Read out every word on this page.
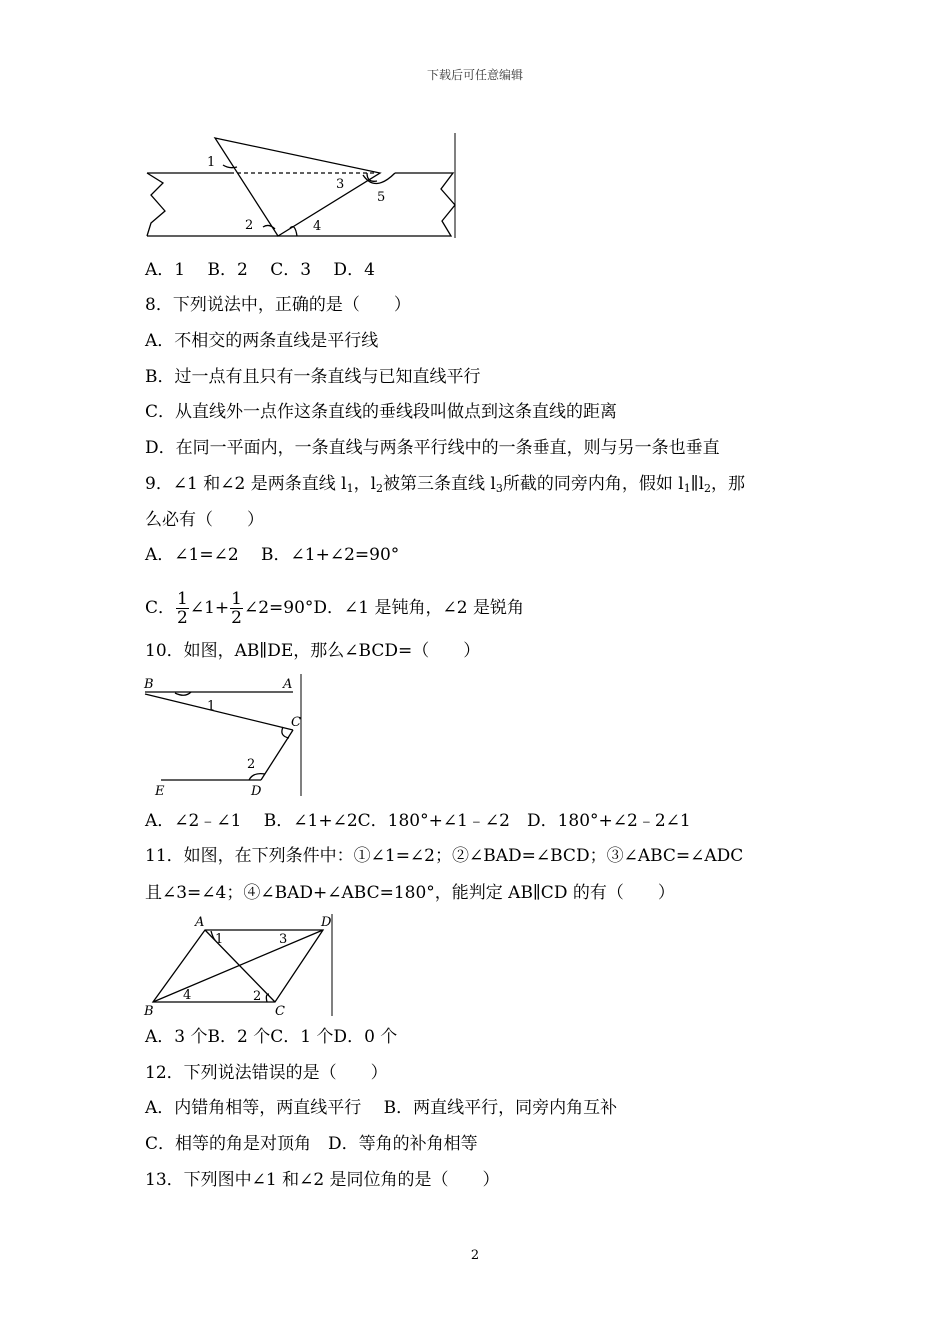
下载后可任意编辑
1
2
3
4
5
A．1　 B．2　 C．3　 D．4
8．下列说法中，正确的是（　　）
A．不相交的两条直线是平行线
B．过一点有且只有一条直线与已知直线平行
C．从直线外一点作这条直线的垂线段叫做点到这条直线的距离
D．在同一平面内，一条直线与两条平行线中的一条垂直，则与另一条也垂直
9．∠1 和∠2 是两条直线 $l_1$，$l_2$被第三条直线 $l_3$所截的同旁内角，假如 $l_1\parallel l_2$，那
么必有（　　）
A．∠1=∠2　 B．∠1+∠2=90°
C． $\frac{1}{2}$ ∠1+ $\frac{1}{2}$ ∠2=90°D．∠1 是钝角，∠2 是锐角
10．如图，AB∥DE，那么∠BCD=（　　）
B	A
C
E	D
1
2
A．∠2﹣∠1　 B．∠1+∠2C．180°+∠1﹣∠2　D．180°+∠2﹣2∠1
11．如图，在下列条件中：①∠1=∠2；②∠BAD=∠BCD；③∠ABC=∠ADC
且∠3=∠4；④∠BAD+∠ABC=180°，能判定 AB∥CD 的有（　　）
A	D
B	C
1
2
3
4
A．3 个B．2 个C．1 个D．0 个
12．下列说法错误的是（　　）
A．内错角相等，两直线平行　 B．两直线平行，同旁内角互补
C．相等的角是对顶角　D．等角的补角相等
13．下列图中∠1 和∠2 是同位角的是（　　）
2
